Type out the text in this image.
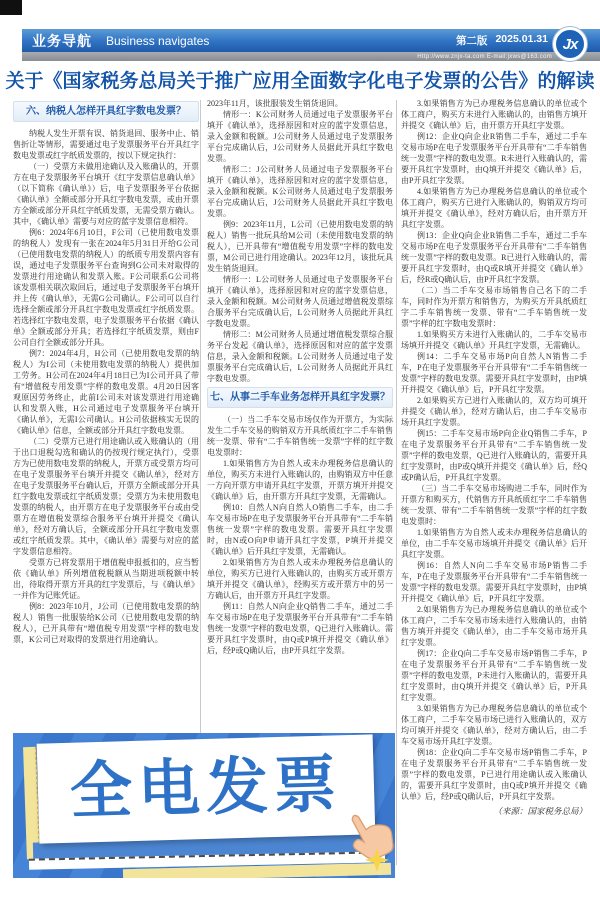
业务导航 Business navigates	第二版 2025.01.31
Http://www.znjx-ta.com E-mail:jxws@163.com
Jx
关于《国家税务总局关于推广应用全面数字化电子发票的公告》的解读
六、纳税人怎样开具红字数电发票？
纳税人发生开票有误、销货退回、服务中止、销售折让等情形，需要通过电子发票服务平台开具红字数电发票或红字纸质发票的，按以下规定执行：
（一）受票方未做用途确认及入账确认的，开票方在电子发票服务平台填开《红字发票信息确认单》（以下简称《确认单》）后，电子发票服务平台依据《确认单》全额或部分开具红字数电发票，或由开票方全额或部分开具红字纸质发票，无需受票方确认。其中，《确认单》需要与对应的蓝字发票信息相符。
例6：2024年6月10日，F公司（已使用数电发票的纳税人）发现有一张在2024年5月31日开给G公司（已使用数电发票的纳税人）的纸质专用发票内容有误，通过电子发票服务平台查询到G公司未对取得的发票进行用途确认和发票入账。F公司联系G公司将该发票相关联次取回后，通过电子发票服务平台填开并上传《确认单》，无需G公司确认。F公司可以自行选择全额或部分开具红字数电发票或红字纸质发票。若选择红字数电发票，电子发票服务平台依据《确认单》全额或部分开具；若选择红字纸质发票，则由F公司自行全额或部分开具。
例7：2024年4月，H公司（已使用数电发票的纳税人）为I公司（未使用数电发票的纳税人）提供加工劳务。H公司在2024年4月18日已为I公司开具了带有“增值税专用发票”字样的数电发票。4月20日因客观原因劳务终止，此前I公司未对该发票进行用途确认和发票入账，H公司通过电子发票服务平台填开《确认单》，无需I公司确认。H公司依据核实无误的《确认单》信息，全额或部分开具红字数电发票。
（二）受票方已进行用途确认或入账确认的（用于出口退税勾选和确认的仍按现行规定执行），受票方为已使用数电发票的纳税人，开票方或受票方均可在电子发票服务平台填开并提交《确认单》，经对方在电子发票服务平台确认后，开票方全额或部分开具红字数电发票或红字纸质发票；受票方为未使用数电发票的纳税人，由开票方在电子发票服务平台或由受票方在增值税发票综合服务平台填开并提交《确认单》，经对方确认后，全额或部分开具红字数电发票或红字纸质发票。其中，《确认单》需要与对应的蓝字发票信息相符。
受票方已将发票用于增值税申报抵扣的，应当暂依《确认单》所列增值税税额从当期进项税额中转出，待取得开票方开具的红字发票后，与《确认单》一并作为记账凭证。
例8：2023年10月，J公司（已使用数电发票的纳税人）销售一批服装给K公司（已使用数电发票的纳税人），已开具带有“增值税专用发票”字样的数电发票，K公司已对取得的发票进行用途确认。
2023年11月，该批服装发生销货退回。
情形一：K公司财务人员通过电子发票服务平台填开《确认单》，选择原因和对应的蓝字发票信息，录入金额和税额。J公司财务人员通过电子发票服务平台完成确认后，J公司财务人员据此开具红字数电发票。
情形二：J公司财务人员通过电子发票服务平台填开《确认单》，选择原因和对应的蓝字发票信息，录入金额和税额。K公司财务人员通过电子发票服务平台完成确认后，J公司财务人员据此开具红字数电发票。
例9：2023年11月，L公司（已使用数电发票的纳税人）销售一批玩具给M公司（未使用数电发票的纳税人），已开具带有“增值税专用发票”字样的数电发票，M公司已进行用途确认。2023年12月，该批玩具发生销货退回。
情形一：L公司财务人员通过电子发票服务平台填开《确认单》，选择原因和对应的蓝字发票信息，录入金额和税额。M公司财务人员通过增值税发票综合服务平台完成确认后，L公司财务人员据此开具红字数电发票。
情形二：M公司财务人员通过增值税发票综合服务平台发起《确认单》，选择原因和对应的蓝字发票信息，录入金额和税额。L公司财务人员通过电子发票服务平台完成确认后，L公司财务人员据此开具红字数电发票。
七、从事二手车业务怎样开具红字发票？
（一）当二手车交易市场仅作为开票方，为实际发生二手车交易的购销双方开具纸质红字二手车销售统一发票、带有“二手车销售统一发票”字样的红字数电发票时：
1.如果销售方为自然人或未办理税务信息确认的单位，购买方未进行入账确认的，由购销双方中任意一方向开票方申请开具红字发票，开票方填开并提交《确认单》后，由开票方开具红字发票，无需确认。
例10：自然人N向自然人O销售二手车，由二手车交易市场P在电子发票服务平台开具带有“二手车销售统一发票”字样的数电发票。需要开具红字发票时，由N或O向P申请开具红字发票，P填开并提交《确认单》后开具红字发票，无需确认。
2.如果销售方为自然人或未办理税务信息确认的单位，购买方已进行入账确认的，由购买方或开票方填开并提交《确认单》，经购买方或开票方中的另一方确认后，由开票方开具红字发票。
例11：自然人N向企业Q销售二手车，通过二手车交易市场P在电子发票服务平台开具带有“二手车销售统一发票”字样的数电发票，Q已进行入账确认。需要开具红字发票时，由Q或P填开并提交《确认单》后，经P或Q确认后，由P开具红字发票。
3.如果销售方为已办理税务信息确认的单位或个体工商户，购买方未进行入账确认的，由销售方填开并提交《确认单》后，由开票方开具红字发票。
例12：企业Q向企业R销售二手车，通过二手车交易市场P在电子发票服务平台开具带有“二手车销售统一发票”字样的数电发票。R未进行入账确认的，需要开具红字发票时，由Q填开并提交《确认单》后，由P开具红字发票。
4.如果销售方为已办理税务信息确认的单位或个体工商户，购买方已进行入账确认的，购销双方均可填开并提交《确认单》，经对方确认后，由开票方开具红字发票。
例13：企业Q向企业R销售二手车，通过二手车交易市场P在电子发票服务平台开具带有“二手车销售统一发票”字样的数电发票。R已进行入账确认的，需要开具红字发票时，由Q或R填开并提交《确认单》后，经R或Q确认后，由P开具红字发票。
（二）当二手车交易市场销售自己名下的二手车，同时作为开票方和销售方，为购买方开具纸质红字二手车销售统一发票、带有“二手车销售统一发票”字样的红字数电发票时：
1.如果购买方未进行入账确认的，二手车交易市场填开并提交《确认单》开具红字发票，无需确认。
例14：二手车交易市场P向自然人N销售二手车，P在电子发票服务平台开具带有“二手车销售统一发票”字样的数电发票。需要开具红字发票时，由P填开并提交《确认单》后，P开具红字发票。
2.如果购买方已进行入账确认的，双方均可填开并提交《确认单》，经对方确认后，由二手车交易市场开具红字发票。
例15：二手车交易市场P向企业Q销售二手车，P在电子发票服务平台开具带有“二手车销售统一发票”字样的数电发票，Q已进行入账确认的，需要开具红字发票时，由P或Q填开并提交《确认单》后，经Q或P确认后，P开具红字发票。
（三）当二手车交易市场购进二手车，同时作为开票方和购买方，代销售方开具纸质红字二手车销售统一发票、带有“二手车销售统一发票”字样的红字数电发票时：
1.如果销售方为自然人或未办理税务信息确认的单位，由二手车交易市场填开并提交《确认单》后开具红字发票。
例16：自然人N向二手车交易市场P销售二手车，P在电子发票服务平台开具带有“二手车销售统一发票”字样的数电发票。需要开具红字发票时，由P填开并提交《确认单》后，P开具红字发票。
2.如果销售方为已办理税务信息确认的单位或个体工商户，二手车交易市场未进行入账确认的，由销售方填开并提交《确认单》，由二手车交易市场开具红字发票。
例17：企业Q向二手车交易市场P销售二手车，P在电子发票服务平台开具带有“二手车销售统一发票”字样的数电发票，P未进行入账确认的，需要开具红字发票时，由Q填开并提交《确认单》后，P开具红字发票。
3.如果销售方为已办理税务信息确认的单位或个体工商户，二手车交易市场已进行入账确认的，双方均可填开并提交《确认单》，经对方确认后，由二手车交易市场开具红字发票。
例18：企业Q向二手车交易市场P销售二手车，P在电子发票服务平台开具带有“二手车销售统一发票”字样的数电发票，P已进行用途确认或入账确认的，需要开具红字发票时，由Q或P填开并提交《确认单》后，经P或Q确认后，P开具红字发票。
（来源：国家税务总局）
全电发票
